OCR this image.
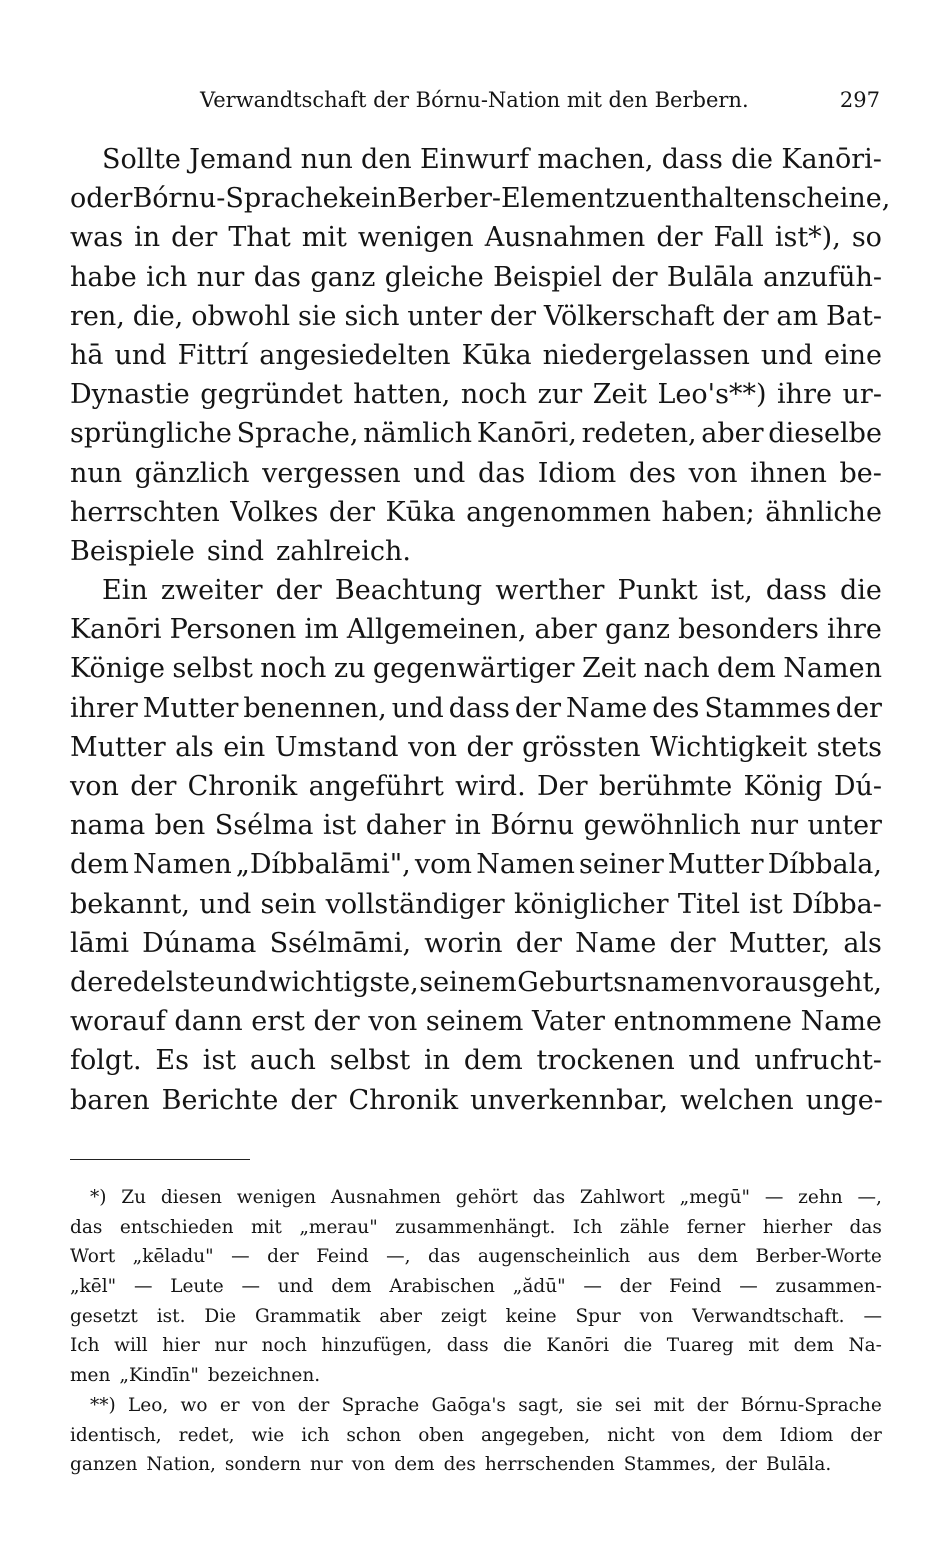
Verwandtschaft der Bórnu-Nation mit den Berbern.	297
Sollte Jemand nun den Einwurf machen, dass die Kanōri-
oder Bórnu-Sprache kein Berber-Element zu enthalten scheine,
was in der That mit wenigen Ausnahmen der Fall ist*), so
habe ich nur das ganz gleiche Beispiel der Bulāla anzufüh-
ren, die, obwohl sie sich unter der Völkerschaft der am Bat-
hā und Fittrí angesiedelten Kūka niedergelassen und eine
Dynastie gegründet hatten, noch zur Zeit Leo's**) ihre ur-
sprüngliche Sprache, nämlich Kanōri, redeten, aber dieselbe
nun gänzlich vergessen und das Idiom des von ihnen be-
herrschten Volkes der Kūka angenommen haben; ähnliche
Beispiele sind zahlreich.
Ein zweiter der Beachtung werther Punkt ist, dass die
Kanōri Personen im Allgemeinen, aber ganz besonders ihre
Könige selbst noch zu gegenwärtiger Zeit nach dem Namen
ihrer Mutter benennen, und dass der Name des Stammes der
Mutter als ein Umstand von der grössten Wichtigkeit stets
von der Chronik angeführt wird. Der berühmte König Dú-
nama ben Ssélma ist daher in Bórnu gewöhnlich nur unter
dem Namen „Díbbalāmi", vom Namen seiner Mutter Díbbala,
bekannt, und sein vollständiger königlicher Titel ist Díbba-
lāmi Dúnama Ssélmāmi, worin der Name der Mutter, als
der edelste und wichtigste, seinem Geburtsnamen vorausgeht,
worauf dann erst der von seinem Vater entnommene Name
folgt. Es ist auch selbst in dem trockenen und unfrucht-
baren Berichte der Chronik unverkennbar, welchen unge-
*) Zu diesen wenigen Ausnahmen gehört das Zahlwort „megū" — zehn —,
das entschieden mit „merau" zusammenhängt. Ich zähle ferner hierher das
Wort „kēladu" — der Feind —, das augenscheinlich aus dem Berber-Worte
„kēl" — Leute — und dem Arabischen „ădū" — der Feind — zusammen-
gesetzt ist. Die Grammatik aber zeigt keine Spur von Verwandtschaft. —
Ich will hier nur noch hinzufügen, dass die Kanōri die Tuareg mit dem Na-
men „Kindīn" bezeichnen.
**) Leo, wo er von der Sprache Gaōga's sagt, sie sei mit der Bórnu-Sprache
identisch, redet, wie ich schon oben angegeben, nicht von dem Idiom der
ganzen Nation, sondern nur von dem des herrschenden Stammes, der Bulāla.
